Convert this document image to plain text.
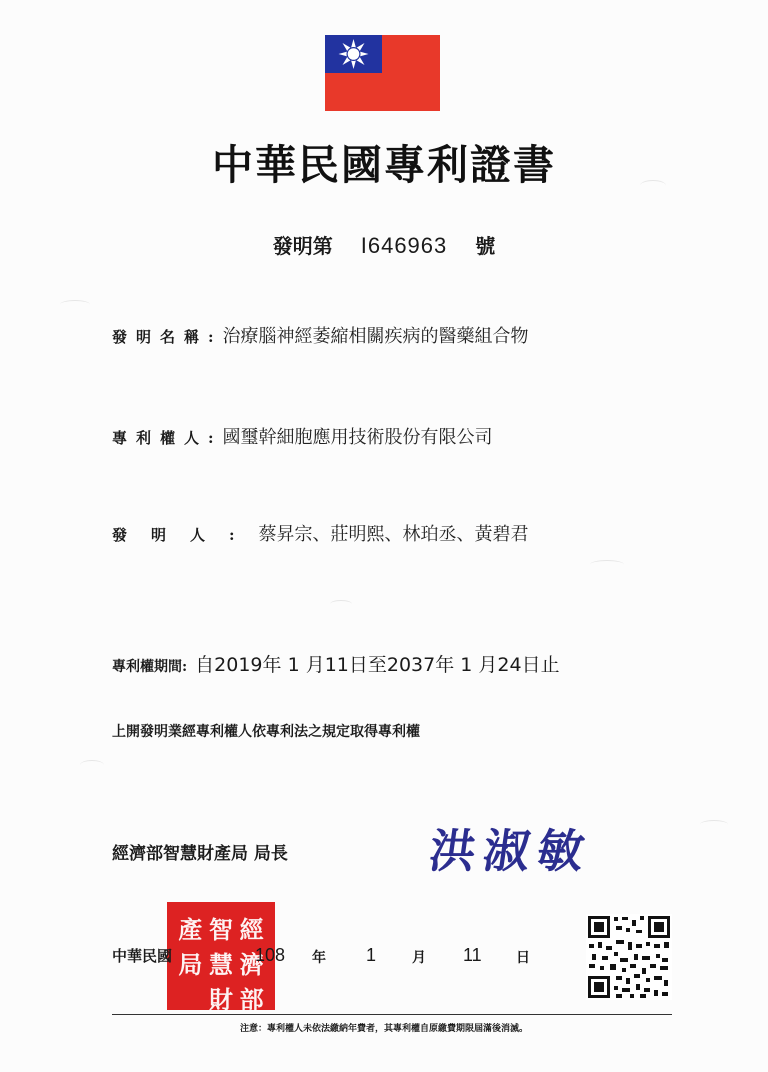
中華民國專利證書
發明第 I646963 號
發明名稱:治療腦神經萎縮相關疾病的醫藥組合物
專利權人:國璽幹細胞應用技術股份有限公司
發明人:蔡昇宗、莊明熙、林珀丞、黃碧君
專利權期間: 自2019年 1 月11日至2037年 1 月24日止
上開發明業經專利權人依專利法之規定取得專利權
經濟部智慧財產局 局長	洪淑敏
產 智 經
局 慧 濟

財 部
中華民國	108 年 1	月 11 日
注意：專利權人未依法繳納年費者，其專利權自原繳費期限屆滿後消滅。
